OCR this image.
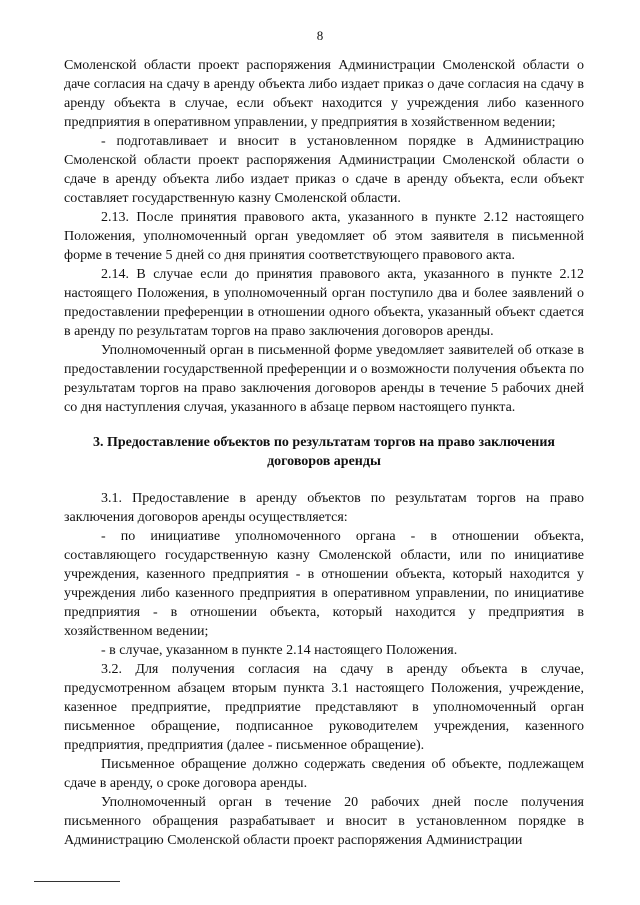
8

Смоленской области проект распоряжения Администрации Смоленской области о даче согласия на сдачу в аренду объекта либо издает приказ о даче согласия на сдачу в аренду объекта в случае, если объект находится у учреждения либо казенного предприятия в оперативном управлении, у предприятия в хозяйственном ведении;

- подготавливает и вносит в установленном порядке в Администрацию Смоленской области проект распоряжения Администрации Смоленской области о сдаче в аренду объекта либо издает приказ о сдаче в аренду объекта, если объект составляет государственную казну Смоленской области.

2.13. После принятия правового акта, указанного в пункте 2.12 настоящего Положения, уполномоченный орган уведомляет об этом заявителя в письменной форме в течение 5 дней со дня принятия соответствующего правового акта.

2.14. В случае если до принятия правового акта, указанного в пункте 2.12 настоящего Положения, в уполномоченный орган поступило два и более заявлений о предоставлении преференции в отношении одного объекта, указанный объект сдается в аренду по результатам торгов на право заключения договоров аренды.

Уполномоченный орган в письменной форме уведомляет заявителей об отказе в предоставлении государственной преференции и о возможности получения объекта по результатам торгов на право заключения договоров аренды в течение 5 рабочих дней со дня наступления случая, указанного в абзаце первом настоящего пункта.

3. Предоставление объектов по результатам торгов на право заключения договоров аренды

3.1. Предоставление в аренду объектов по результатам торгов на право заключения договоров аренды осуществляется:

- по инициативе уполномоченного органа - в отношении объекта, составляющего государственную казну Смоленской области, или по инициативе учреждения, казенного предприятия - в отношении объекта, который находится у учреждения либо казенного предприятия в оперативном управлении, по инициативе предприятия - в отношении объекта, который находится у предприятия в хозяйственном ведении;

- в случае, указанном в пункте 2.14 настоящего Положения.

3.2. Для получения согласия на сдачу в аренду объекта в случае, предусмотренном абзацем вторым пункта 3.1 настоящего Положения, учреждение, казенное предприятие, предприятие представляют в уполномоченный орган письменное обращение, подписанное руководителем учреждения, казенного предприятия, предприятия (далее - письменное обращение).

Письменное обращение должно содержать сведения об объекте, подлежащем сдаче в аренду, о сроке договора аренды.

Уполномоченный орган в течение 20 рабочих дней после получения письменного обращения разрабатывает и вносит в установленном порядке в Администрацию Смоленской области проект распоряжения Администрации
